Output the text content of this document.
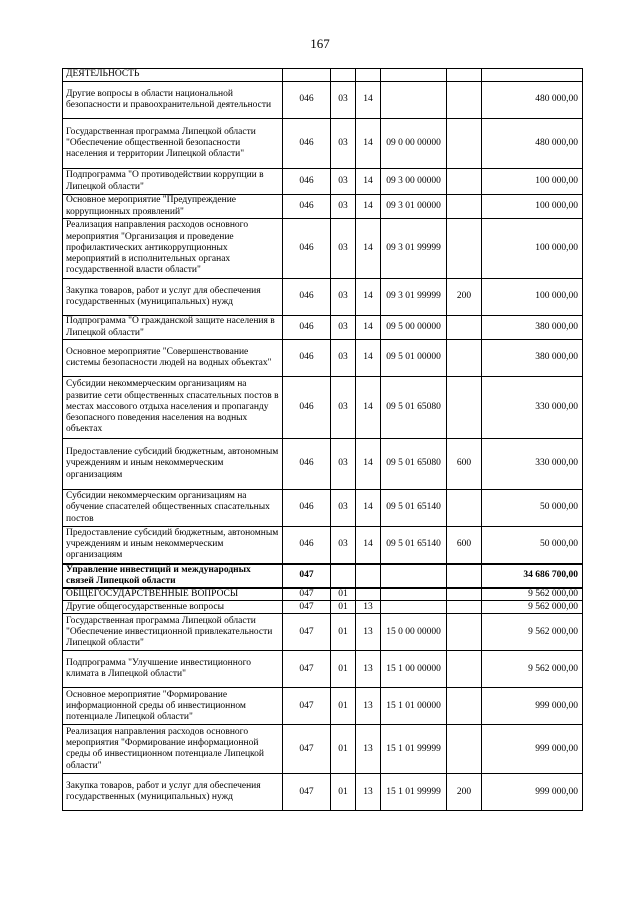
167
ДЕЯТЕЛЬНОСТЬ						
Другие вопросы в области национальной безопасности и правоохранительной деятельности	046	03	14			480 000,00
Государственная программа Липецкой области "Обеспечение общественной безопасности населения и территории Липецкой области"	046	03	14	09 0 00 00000		480 000,00
Подпрограмма "О противодействии коррупции в Липецкой области"	046	03	14	09 3 00 00000		100 000,00
Основное мероприятие "Предупреждение коррупционных проявлений"	046	03	14	09 3 01 00000		100 000,00
Реализация направления расходов основного мероприятия "Организация и проведение профилактических антикоррупционных мероприятий в исполнительных органах государственной власти области"	046	03	14	09 3 01 99999		100 000,00
Закупка товаров, работ и услуг для обеспечения государственных (муниципальных) нужд	046	03	14	09 3 01 99999	200	100 000,00
Подпрограмма "О гражданской защите населения в Липецкой области"	046	03	14	09 5 00 00000		380 000,00
Основное мероприятие "Совершенствование системы безопасности людей на водных объектах"	046	03	14	09 5 01 00000		380 000,00
Субсидии некоммерческим организациям на развитие сети общественных спасательных постов в местах массового отдыха населения и пропаганду безопасного поведения населения на водных объектах	046	03	14	09 5 01 65080		330 000,00
Предоставление субсидий бюджетным, автономным учреждениям и иным некоммерческим организациям	046	03	14	09 5 01 65080	600	330 000,00
Субсидии некоммерческим организациям на обучение спасателей общественных спасательных постов	046	03	14	09 5 01 65140		50 000,00
Предоставление субсидий бюджетным, автономным учреждениям и иным некоммерческим организациям	046	03	14	09 5 01 65140	600	50 000,00
Управление инвестиций и международных связей Липецкой области	047					34 686 700,00
ОБЩЕГОСУДАРСТВЕННЫЕ ВОПРОСЫ	047	01				9 562 000,00
Другие общегосударственные вопросы	047	01	13			9 562 000,00
Государственная программа Липецкой области "Обеспечение инвестиционной привлекательности Липецкой области"	047	01	13	15 0 00 00000		9 562 000,00
Подпрограмма "Улучшение инвестиционного климата в Липецкой области"	047	01	13	15 1 00 00000		9 562 000,00
Основное мероприятие "Формирование информационной среды об инвестиционном потенциале Липецкой области"	047	01	13	15 1 01 00000		999 000,00
Реализация направления расходов основного мероприятия "Формирование информационной среды об инвестиционном потенциале Липецкой области"	047	01	13	15 1 01 99999		999 000,00
Закупка товаров, работ и услуг для обеспечения государственных (муниципальных) нужд	047	01	13	15 1 01 99999	200	999 000,00
